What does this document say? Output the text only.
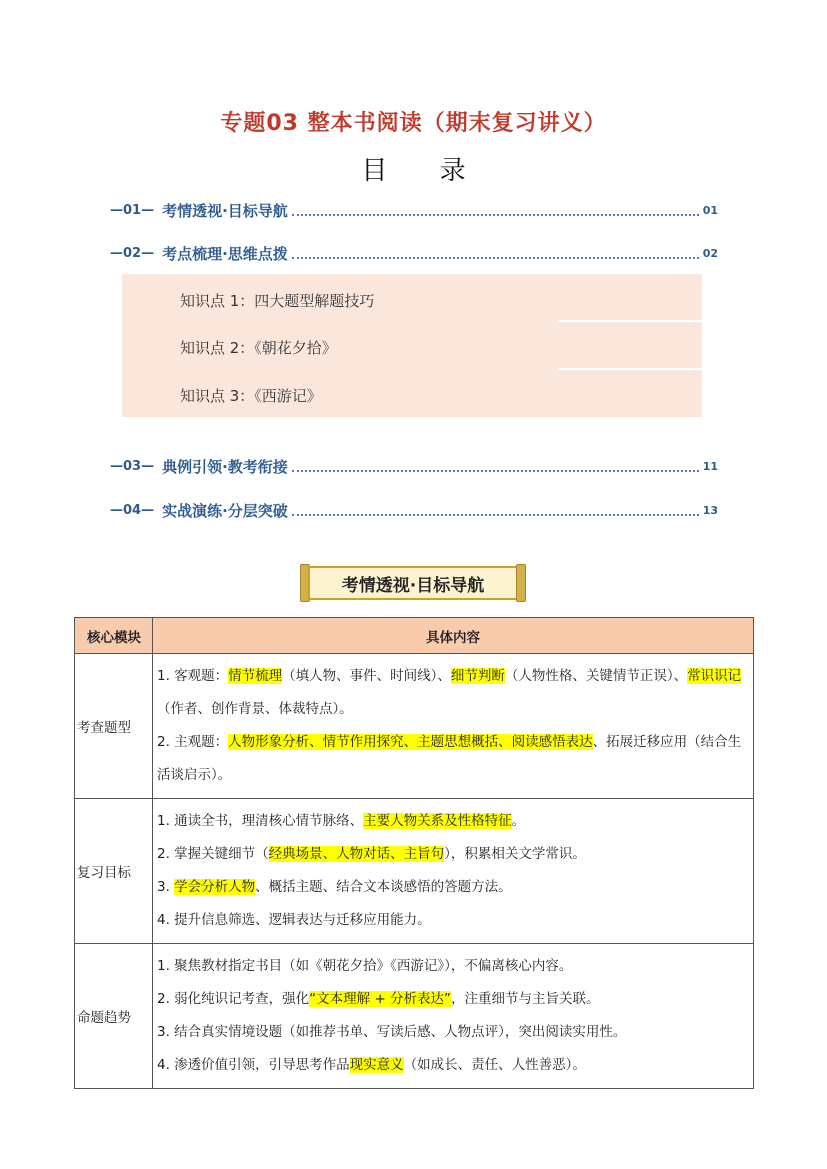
专题03 整本书阅读（期末复习讲义）
目 录
—01— 考情透视·目标导航	01
—02— 考点梳理·思维点拨	02
知识点 1：四大题型解题技巧
知识点 2：《朝花夕拾》
知识点 3：《西游记》
—03— 典例引领·教考衔接	11
—04— 实战演练·分层突破	13
考情透视·目标导航
核心模块	具体内容
考查题型	1. 客观题：情节梳理（填人物、事件、时间线）、细节判断（人物性格、关键情节正误）、常识识记（作者、创作背景、体裁特点）。
2. 主观题：人物形象分析、情节作用探究、主题思想概括、阅读感悟表达、拓展迁移应用（结合生活谈启示）。

复习目标	1. 通读全书，理清核心情节脉络、主要人物关系及性格特征。
2. 掌握关键细节（经典场景、人物对话、主旨句），积累相关文学常识。
3. 学会分析人物、概括主题、结合文本谈感悟的答题方法。
4. 提升信息筛选、逻辑表达与迁移应用能力。

命题趋势	1. 聚焦教材指定书目（如《朝花夕拾》《西游记》），不偏离核心内容。
2. 弱化纯识记考查，强化“文本理解 + 分析表达”，注重细节与主旨关联。
3. 结合真实情境设题（如推荐书单、写读后感、人物点评），突出阅读实用性。
4. 渗透价值引领，引导思考作品现实意义（如成长、责任、人性善恶）。
